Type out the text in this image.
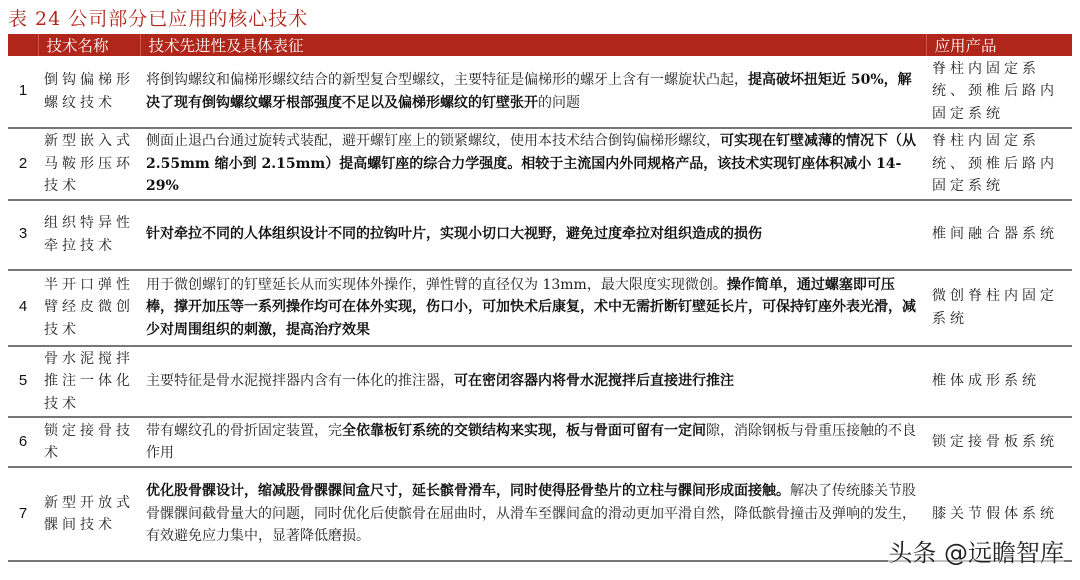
表 24 公司部分已应用的核心技术
	技术名称	技术先进性及具体表征	应用产品
1	倒钩偏梯形螺纹技术	将倒钩螺纹和偏梯形螺纹结合的新型复合型螺纹，主要特征是偏梯形的螺牙上含有一螺旋状凸起，提高破坏扭矩近 50%，解决了现有倒钩螺纹螺牙根部强度不足以及偏梯形螺纹的钉壁张开的问题	脊柱内固定系统、颈椎后路内固定系统
2	新型嵌入式马鞍形压环技术	侧面止退凸台通过旋转式装配，避开螺钉座上的锁紧螺纹，使用本技术结合倒钩偏梯形螺纹，可实现在钉壁减薄的情况下（从 2.55mm 缩小到 2.15mm）提高螺钉座的综合力学强度。相较于主流国内外同规格产品，该技术实现钉座体积减小 14-29%	脊柱内固定系统、颈椎后路内固定系统
3	组织特异性牵拉技术	针对牵拉不同的人体组织设计不同的拉钩叶片，实现小切口大视野，避免过度牵拉对组织造成的损伤	椎间融合器系统
4	半开口弹性臂经皮微创技术	用于微创螺钉的钉壁延长从而实现体外操作，弹性臂的直径仅为 13mm，最大限度实现微创。操作简单，通过螺塞即可压棒，撑开加压等一系列操作均可在体外实现，伤口小，可加快术后康复，术中无需折断钉壁延长片，可保持钉座外表光滑，减少对周围组织的刺激，提高治疗效果	微创脊柱内固定系统
5	骨水泥搅拌推注一体化技术	主要特征是骨水泥搅拌器内含有一体化的推注器，可在密闭容器内将骨水泥搅拌后直接进行推注	椎体成形系统
6	锁定接骨技术	带有螺纹孔的骨折固定装置，完全依靠板钉系统的交锁结构来实现，板与骨面可留有一定间隙，消除钢板与骨重压接触的不良作用	锁定接骨板系统
7	新型开放式髁间技术	优化股骨髁设计，缩减股骨髁髁间盒尺寸，延长髌骨滑车，同时使得胫骨垫片的立柱与髁间形成面接触。解决了传统膝关节股骨髁髁间截骨量大的问题，同时优化后使髌骨在屈曲时，从滑车至髁间盒的滑动更加平滑自然，降低髌骨撞击及弹响的发生，有效避免应力集中，显著降低磨损。	膝关节假体系统
头条 @远瞻智库
